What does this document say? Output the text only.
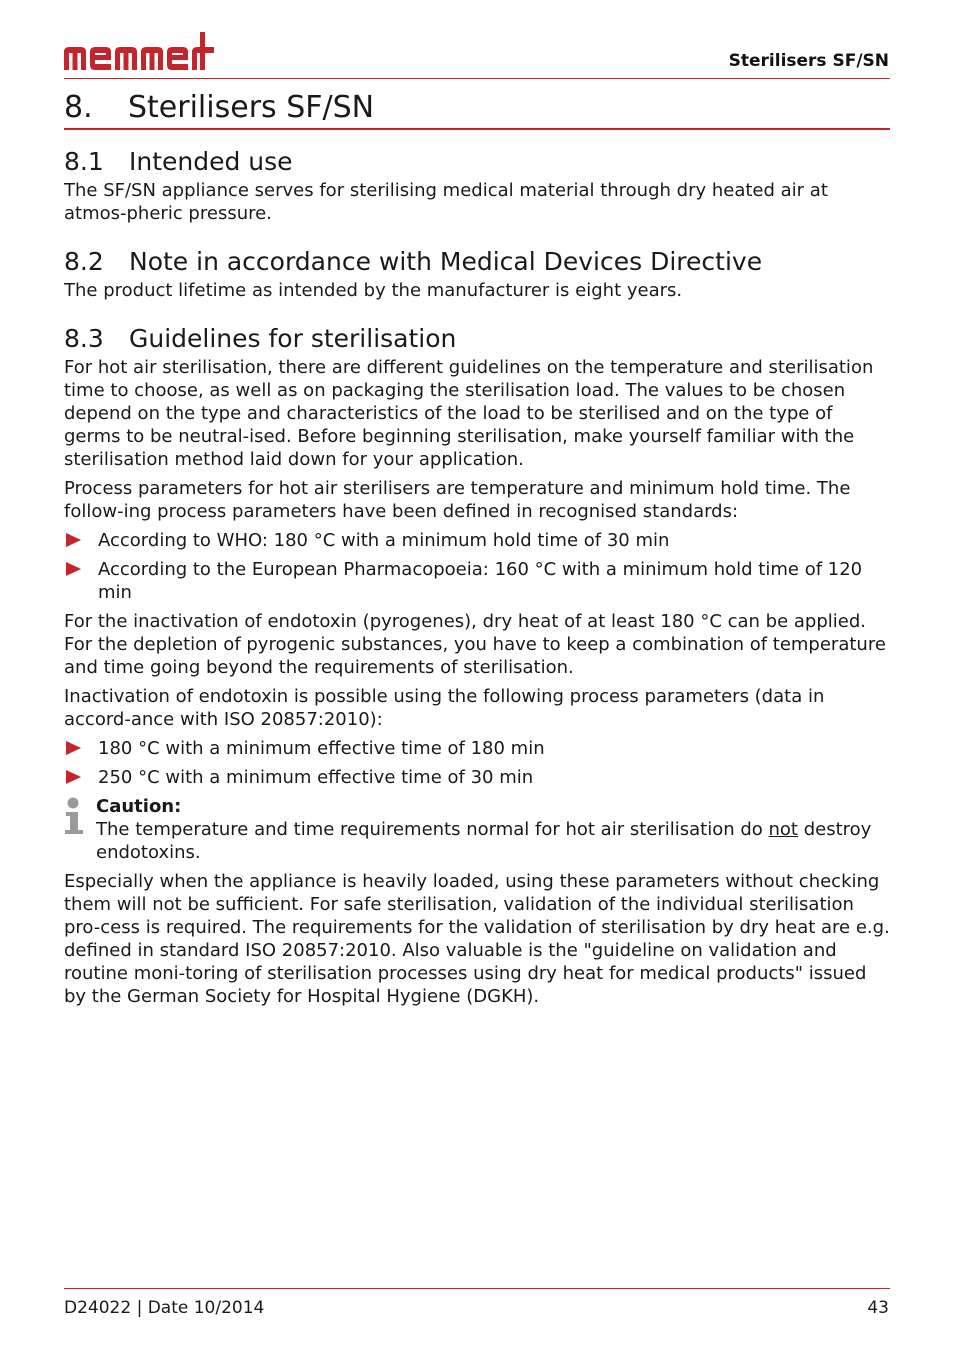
Sterilisers SF/SN
8. Sterilisers SF/SN
8.1 Intended use

The SF/SN appliance serves for sterilising medical material through dry heated air at atmos-pheric pressure.

8.2 Note in accordance with Medical Devices Directive

The product lifetime as intended by the manufacturer is eight years.

8.3 Guidelines for sterilisation

For hot air sterilisation, there are different guidelines on the temperature and sterilisation time to choose, as well as on packaging the sterilisation load. The values to be chosen depend on the type and characteristics of the load to be sterilised and on the type of germs to be neutral-ised. Before beginning sterilisation, make yourself familiar with the sterilisation method laid down for your application.

Process parameters for hot air sterilisers are temperature and minimum hold time. The follow-ing process parameters have been defined in recognised standards:

According to WHO: 180 °C with a minimum hold time of 30 min
According to the European Pharmacopoeia: 160 °C with a minimum hold time of 120 min

For the inactivation of endotoxin (pyrogenes), dry heat of at least 180 °C can be applied. For the depletion of pyrogenic substances, you have to keep a combination of temperature and time going beyond the requirements of sterilisation.

Inactivation of endotoxin is possible using the following process parameters (data in accord-ance with ISO 20857:2010):

180 °C with a minimum effective time of 180 min
250 °C with a minimum effective time of 30 min
Caution:

The temperature and time requirements normal for hot air sterilisation do not destroy endotoxins.

Especially when the appliance is heavily loaded, using these parameters without checking them will not be sufficient. For safe sterilisation, validation of the individual sterilisation pro-cess is required. The requirements for the validation of sterilisation by dry heat are e.g. defined in standard ISO 20857:2010. Also valuable is the "guideline on validation and routine moni-toring of sterilisation processes using dry heat for medical products" issued by the German Society for Hospital Hygiene (DGKH).

D24022 | Date 10/2014	43
